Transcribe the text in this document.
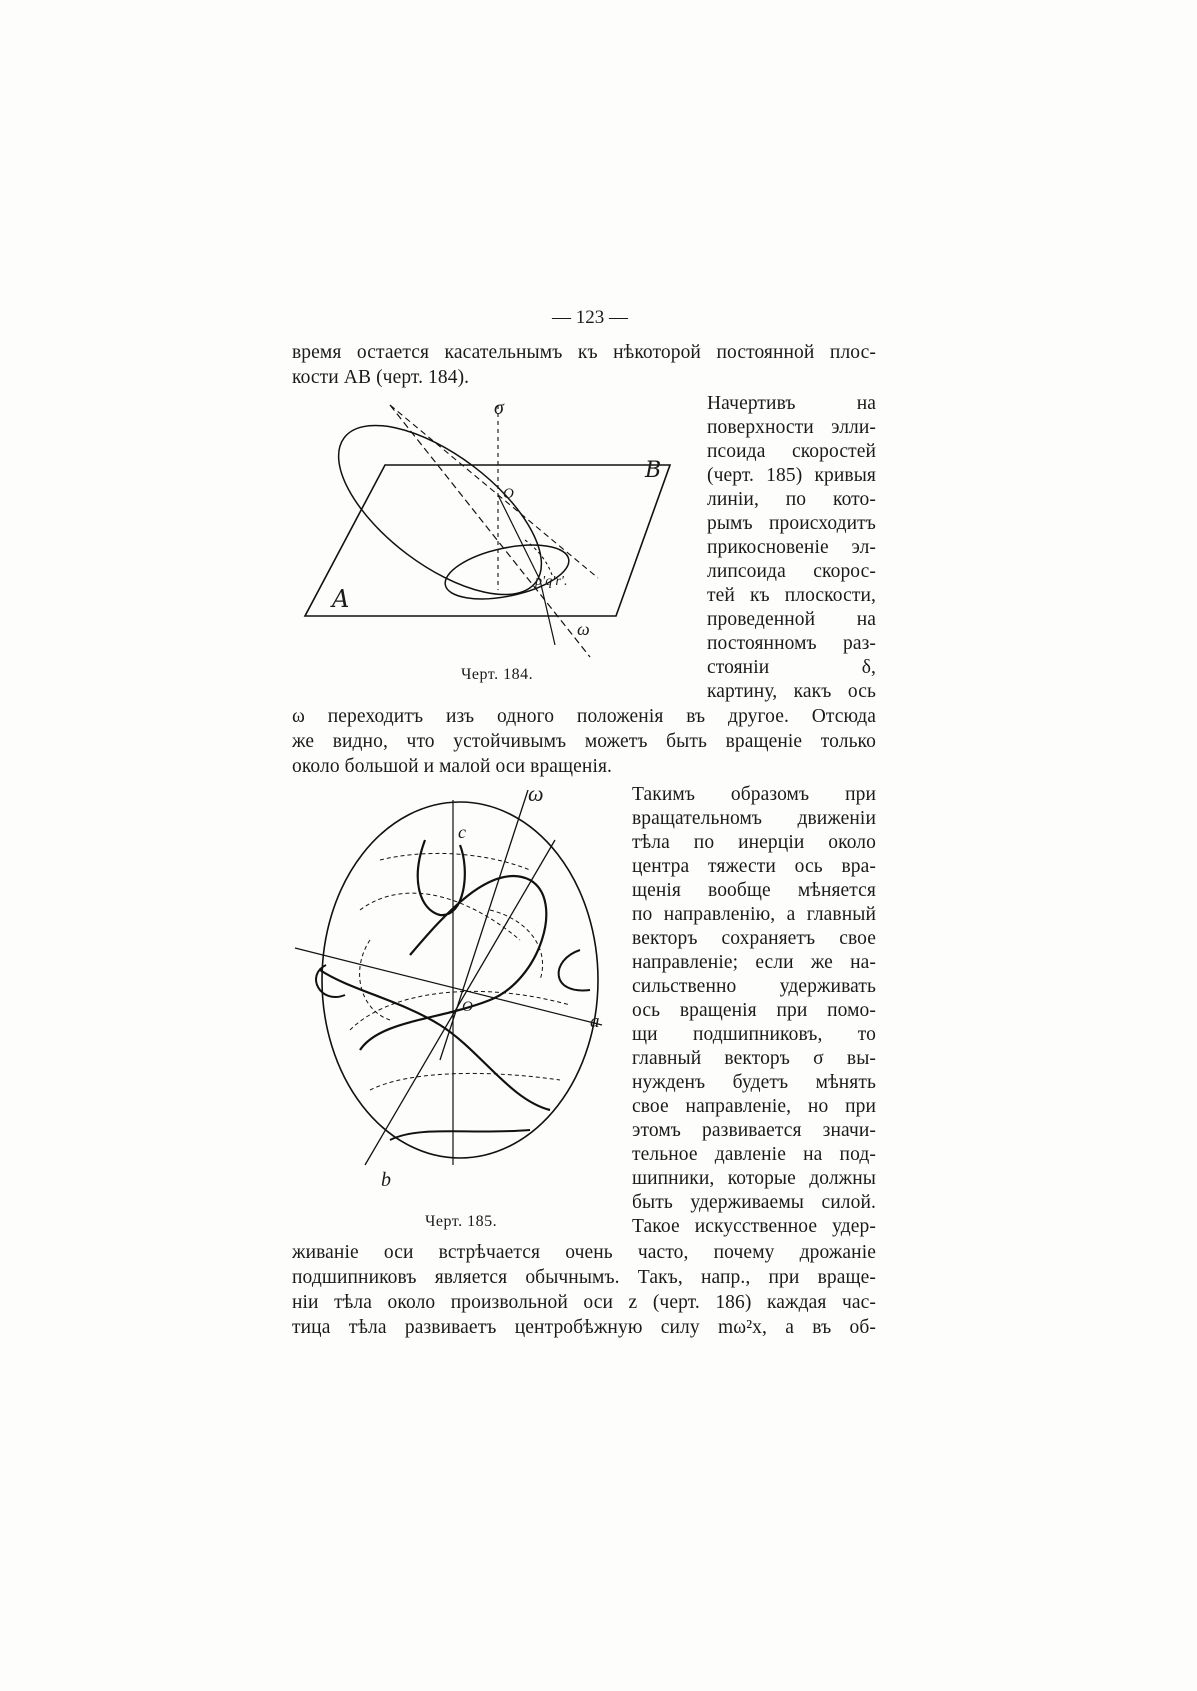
— 123 —
время остается касательнымъ къ нѣкоторой постоянной плос-
кости AB (черт. 184).
σ
B
A
O
ω
p'q'r'.
Черт. 184.
Начертивъ на
поверхности элли-
псоида скоростей
(черт. 185) кривыя
линіи, по кото-
рымъ происходитъ
прикосновеніе эл-
липсоида скорос-
тей къ плоскости,
проведенной на
постоянномъ раз-
стояніи δ,
картину, какъ ось
ω переходитъ изъ одного положенія въ другое. Отсюда
же видно, что устойчивымъ можетъ быть вращеніе только
около большой и малой оси вращенія.
ω
c
O
a
b
Черт. 185.
Такимъ образомъ при
вращательномъ движеніи
тѣла по инерціи около
центра тяжести ось вра-
щенія вообще мѣняется
по направленію, а главный
векторъ сохраняетъ свое
направленіе; если же на-
сильственно удерживать
ось вращенія при помо-
щи подшипниковъ, то
главный векторъ σ вы-
нужденъ будетъ мѣнять
свое направленіе, но при
этомъ развивается значи-
тельное давленіе на под-
шипники, которые должны
быть удерживаемы силой.
Такое искусственное удер-
живаніе оси встрѣчается очень часто, почему дрожаніе
подшипниковъ является обычнымъ. Такъ, напр., при враще-
ніи тѣла около произвольной оси z (черт. 186) каждая час-
тица тѣла развиваетъ центробѣжную силу mω²x, а въ об-
